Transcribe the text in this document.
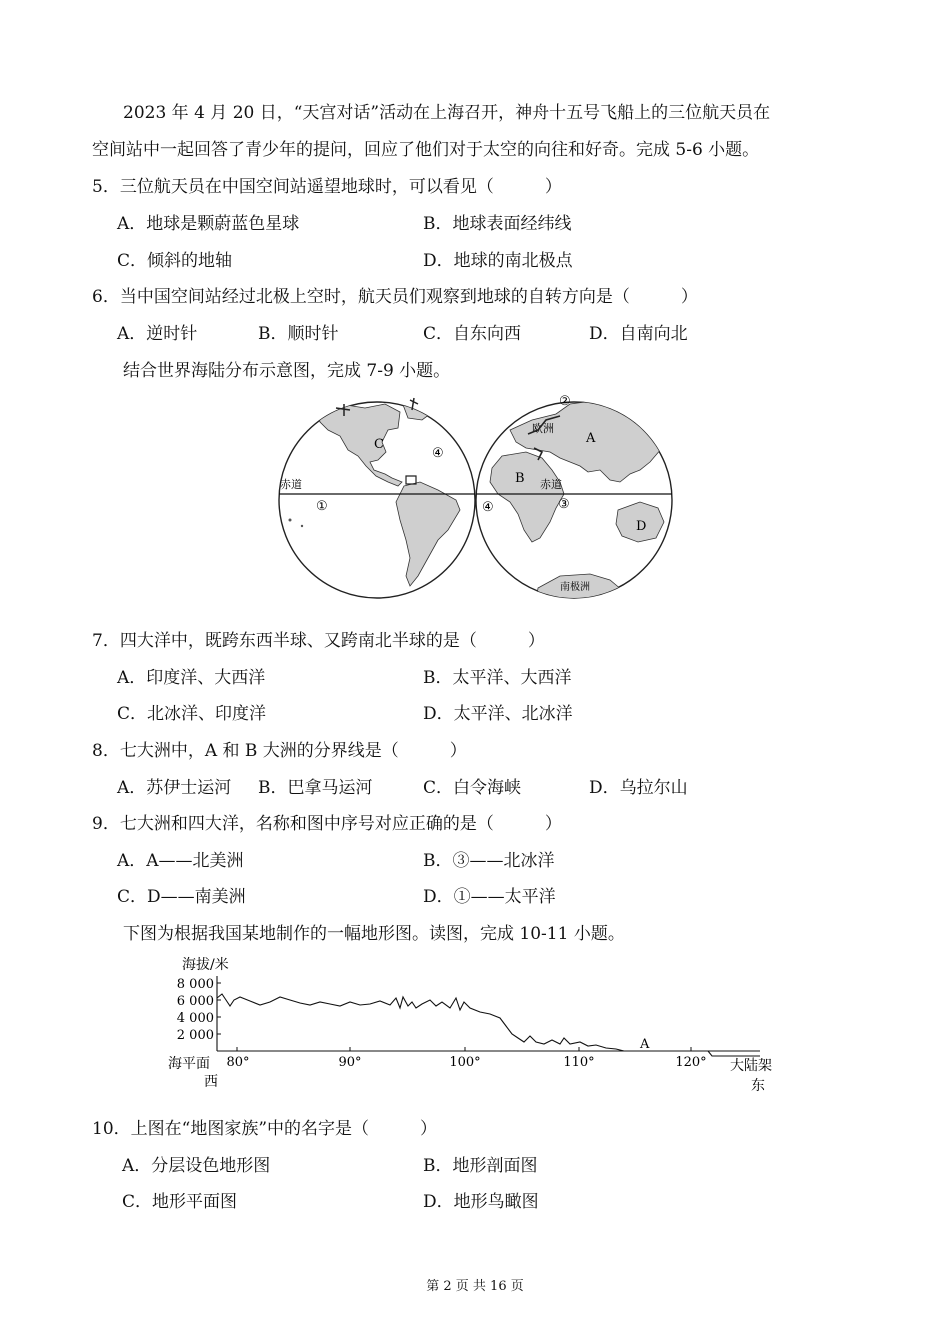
2023 年 4 月 20 日，“天宫对话”活动在上海召开，神舟十五号飞船上的三位航天员在
空间站中一起回答了青少年的提问，回应了他们对于太空的向往和好奇。完成 5-6 小题。
5．三位航天员在中国空间站遥望地球时，可以看见（　　　）
A．地球是颗蔚蓝色星球	B．地球表面经纬线
C．倾斜的地轴	D．地球的南北极点
6．当中国空间站经过北极上空时，航天员们观察到地球的自转方向是（　　　）
A．逆时针	B．顺时针	C．自东向西	D．自南向北
结合世界海陆分布示意图，完成 7-9 小题。
赤道
C
④
①
赤道
欧洲
②
A
B
③
④
D
南极洲
7．四大洋中，既跨东西半球、又跨南北半球的是（　　　）
A．印度洋、大西洋	B．太平洋、大西洋
C．北冰洋、印度洋	D．太平洋、北冰洋
8．七大洲中，A 和 B 大洲的分界线是（　　　）
A．苏伊士运河 B．巴拿马运河	C．白令海峡	D．乌拉尔山
9．七大洲和四大洋，名称和图中序号对应正确的是（　　　）
A．A——北美洲	B．③——北冰洋
C．D——南美洲	D．①——太平洋
下图为根据我国某地制作的一幅地形图。读图，完成 10-11 小题。
海拔/米
8 000
6 000
4 000
2 000
80°	90°	100°	110°	120°
A
海平面
西
大陆架
东
10．上图在“地图家族”中的名字是（　　　）
A．分层设色地形图	B．地形剖面图
C．地形平面图	D．地形鸟瞰图
第 2 页 共 16 页
